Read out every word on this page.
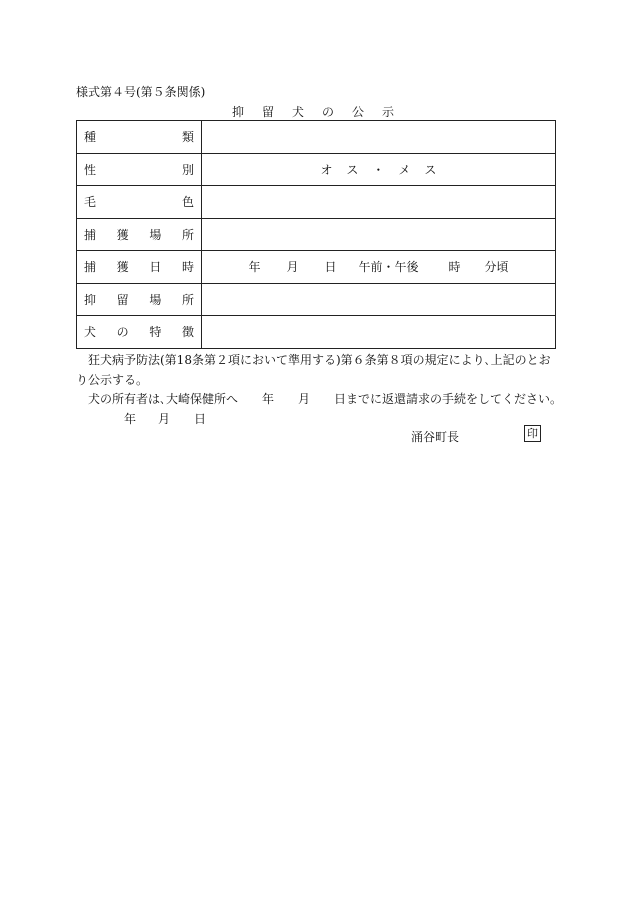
様式第４号(第５条関係)
抑留犬の公示
種 類	

性 別	オス・メス

毛 色	

捕 獲 場 所	

捕 獲 日 時	年 月 日 午前・午後 時 分頃

抑 留 場 所	

犬 の 特 徴	

狂犬病予防法(第18条第２項において準用する)第６条第８項の規定により､上記のとお
り公示する｡
犬の所有者は､大崎保健所へ　　年　　月　　日までに返還請求の手続をしてください｡
年 月 日
涌谷町長	印
